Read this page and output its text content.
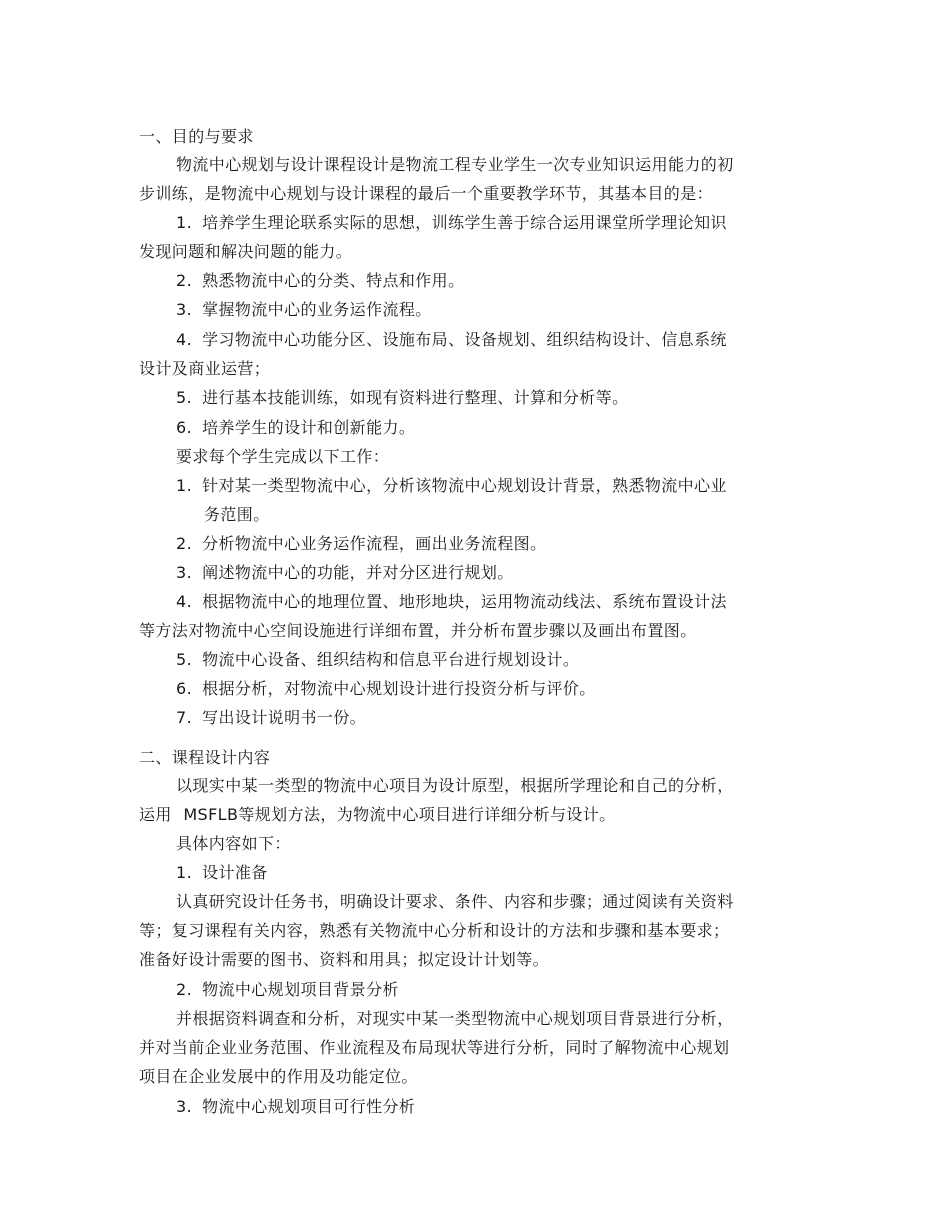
一、目的与要求
物流中心规划与设计课程设计是物流工程专业学生一次专业知识运用能力的初
步训练，是物流中心规划与设计课程的最后一个重要教学环节，其基本目的是：
1. 培养学生理论联系实际的思想，训练学生善于综合运用课堂所学理论知识
发现问题和解决问题的能力。
2. 熟悉物流中心的分类、特点和作用。
3. 掌握物流中心的业务运作流程。
4. 学习物流中心功能分区、设施布局、设备规划、组织结构设计、信息系统
设计及商业运营；
5. 进行基本技能训练，如现有资料进行整理、计算和分析等。
6. 培养学生的设计和创新能力。
要求每个学生完成以下工作：
1. 针对某一类型物流中心，分析该物流中心规划设计背景，熟悉物流中心业
务范围。
2. 分析物流中心业务运作流程，画出业务流程图。
3. 阐述物流中心的功能，并对分区进行规划。
4. 根据物流中心的地理位置、地形地块，运用物流动线法、系统布置设计法
等方法对物流中心空间设施进行详细布置，并分析布置步骤以及画出布置图。
5. 物流中心设备、组织结构和信息平台进行规划设计。
6. 根据分析，对物流中心规划设计进行投资分析与评价。
7. 写出设计说明书一份。
二、课程设计内容
以现实中某一类型的物流中心项目为设计原型，根据所学理论和自己的分析，
运用 MSFLB等规划方法，为物流中心项目进行详细分析与设计。
具体内容如下：
1. 设计准备
认真研究设计任务书，明确设计要求、条件、内容和步骤；通过阅读有关资料
等；复习课程有关内容，熟悉有关物流中心分析和设计的方法和步骤和基本要求；
准备好设计需要的图书、资料和用具；拟定设计计划等。
2. 物流中心规划项目背景分析
并根据资料调查和分析，对现实中某一类型物流中心规划项目背景进行分析，
并对当前企业业务范围、作业流程及布局现状等进行分析，同时了解物流中心规划
项目在企业发展中的作用及功能定位。
3. 物流中心规划项目可行性分析
